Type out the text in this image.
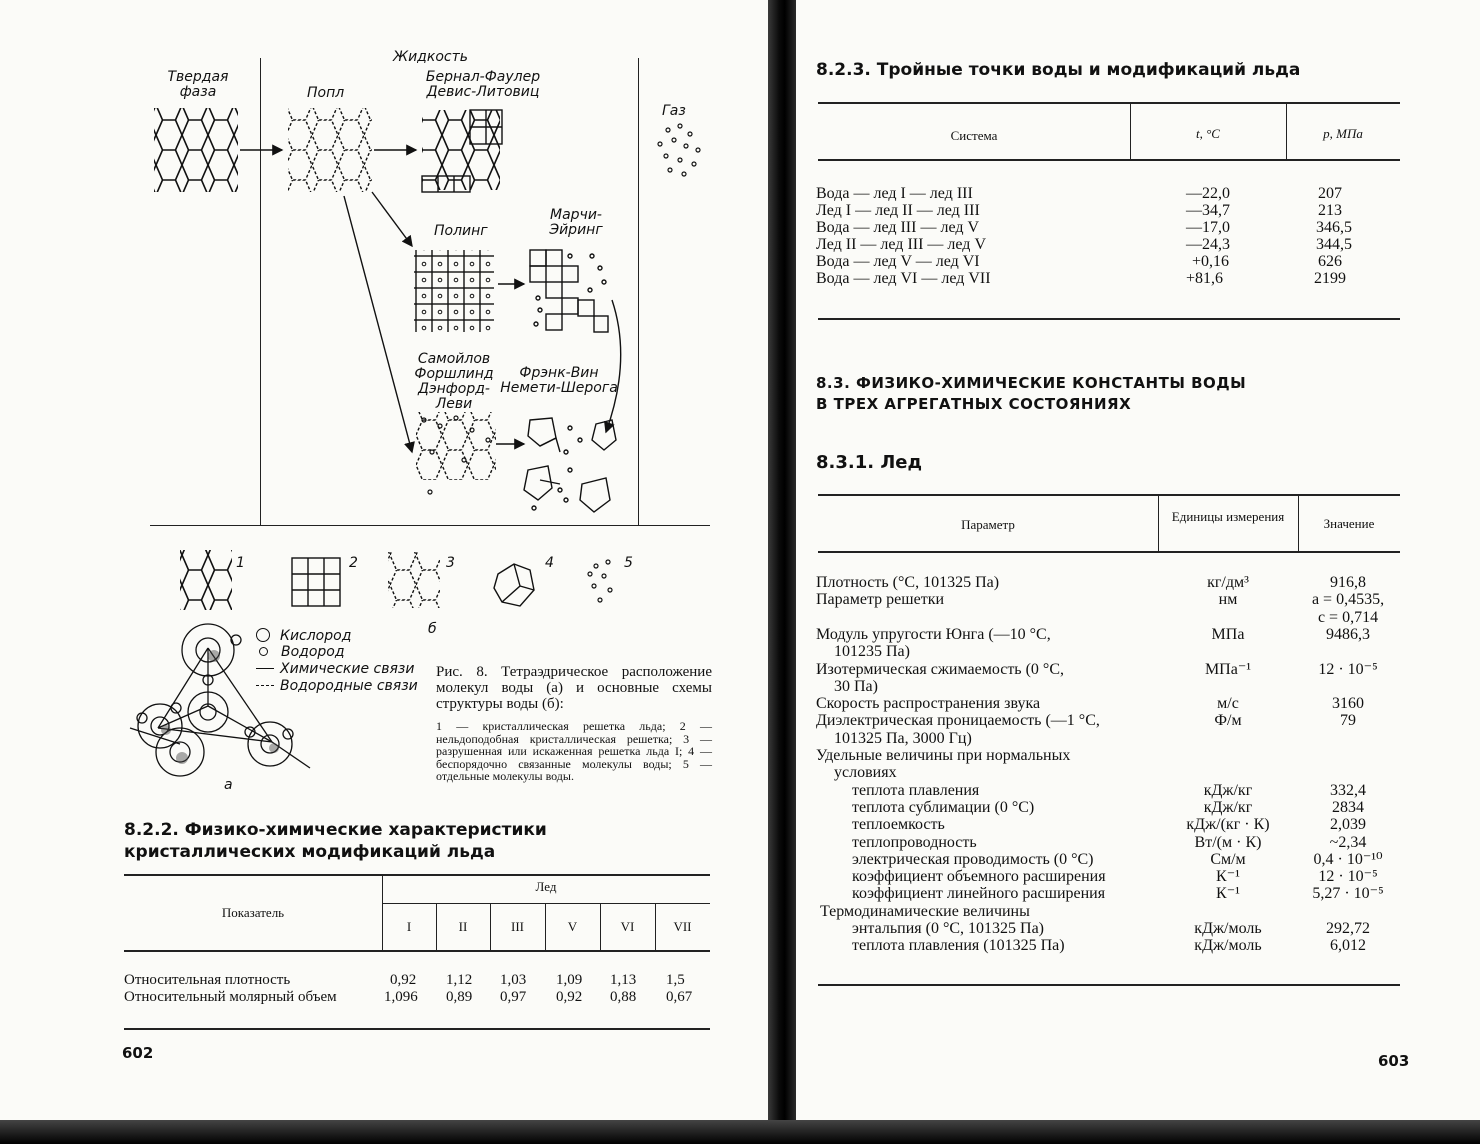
Жидкость
Твердая фаза	Попл
Бернал-Фаулер Девис-Литовиц
Газ
Полинг
Марчи-Эйринг
Самойлов Форшлинд Дэнфорд-Леви
Фрэнк-Вин Немети-Шерога
1	2	3	4	5
б
а
Кислород
Водород
Химические связи
Водородные связи
Рис. 8. Тетраэдрическое расположение молекул воды (а) и основные схемы структуры воды (б):
1 — кристаллическая решетка льда; 2 — нельдоподобная кристаллическая решетка; 3 — разрушенная или искаженная решетка льда I; 4 — беспорядочно связанные молекулы воды; 5 — отдельные молекулы воды.
8.2.2. Физико-химические характеристики
кристаллических модификаций льда
Показатель
Лед
I	II	III	V	VI	VII
Относительная плотность	0,92 1,12 1,03 1,09 1,13 1,5
Относительный молярный объем	1,096 0,89 0,97 0,92 0,88 0,67
602
8.2.3. Тройные точки воды и модификаций льда
Система	t, °С	p, МПа
Вода — лед I — лед III	—22,0	207
Лед I — лед II — лед III	—34,7	213
Вода — лед III — лед V	—17,0	346,5
Лед II — лед III — лед V	—24,3	344,5
Вода — лед V — лед VI	+0,16	626
Вода — лед VI — лед VII	+81,6	2199
8.3. ФИЗИКО-ХИМИЧЕСКИЕ КОНСТАНТЫ ВОДЫ
В ТРЕХ АГРЕГАТНЫХ СОСТОЯНИЯХ
8.3.1. Лед
Параметр
Единицы измерения	Значение
Плотность (°С, 101325 Па)	кг/дм³	916,8
Параметр решетки	нм	a = 0,4535,
c = 0,714
Модуль упругости Юнга (—10 °С,	МПа	9486,3
101235 Па)
Изотермическая сжимаемость (0 °С,	МПа⁻¹	12 · 10⁻⁵
30 Па)
Скорость распространения звука	м/с	3160
Диэлектрическая проницаемость (—1 °С,	Ф/м	79
101325 Па, 3000 Гц)
Удельные величины при нормальных
условиях
теплота плавления	кДж/кг	332,4
теплота сублимации (0 °С)	кДж/кг	2834
теплоемкость	кДж/(кг · К)	2,039
теплопроводность	Вт/(м · К)	~2,34
электрическая проводимость (0 °С)	См/м	0,4 · 10⁻¹⁰
коэффициент объемного расширения	К⁻¹	12 · 10⁻⁵
коэффициент линейного расширения	К⁻¹	5,27 · 10⁻⁵
Термодинамические величины
энтальпия (0 °С, 101325 Па)	кДж/моль	292,72
теплота плавления (101325 Па)	кДж/моль	6,012
603
